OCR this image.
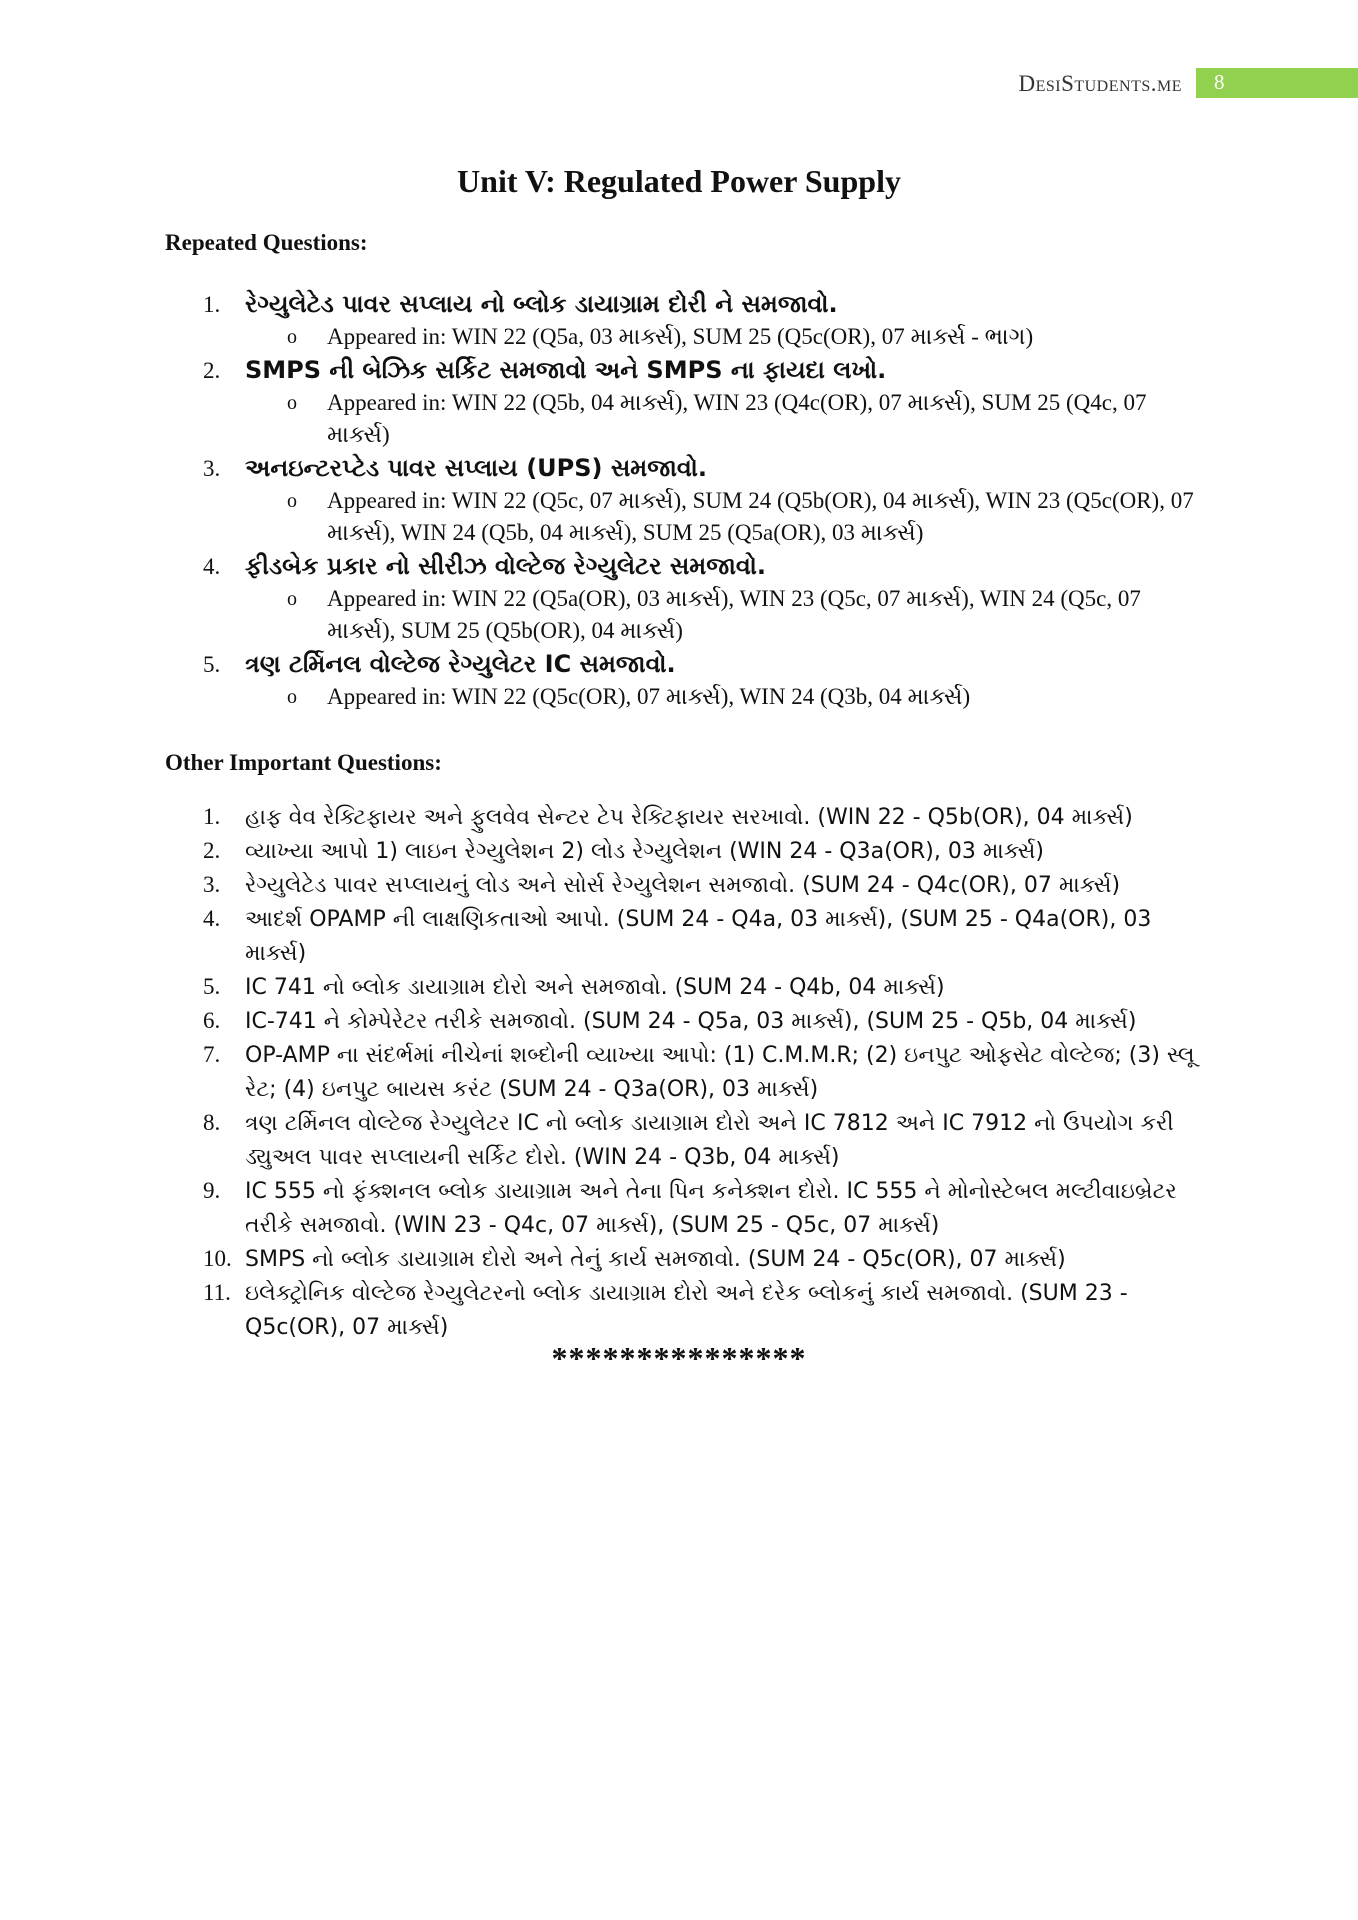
DesiStudents.me	8
Unit V: Regulated Power Supply
Repeated Questions:
1. રેગ્યુલેટેડ પાવર સપ્લાય નો બ્લોક ડાયાગ્રામ દોરી ને સમજાવો.
o Appeared in: WIN 22 (Q5a, 03 માર્ક્સ), SUM 25 (Q5c(OR), 07 માર્ક્સ - ભાગ)
2. SMPS ની બેઝિક સર્કિટ સમજાવો અને SMPS ના ફાયદા લખો.
o Appeared in: WIN 22 (Q5b, 04 માર્ક્સ), WIN 23 (Q4c(OR), 07 માર્ક્સ), SUM 25 (Q4c, 07 માર્ક્સ)
3. અનઇન્ટરપ્ટેડ પાવર સપ્લાય (UPS) સમજાવો.
o Appeared in: WIN 22 (Q5c, 07 માર્ક્સ), SUM 24 (Q5b(OR), 04 માર્ક્સ), WIN 23 (Q5c(OR), 07 માર્ક્સ), WIN 24 (Q5b, 04 માર્ક્સ), SUM 25 (Q5a(OR), 03 માર્ક્સ)
4. ફીડબેક પ્રકાર નો સીરીઝ વોલ્ટેજ રેગ્યુલેટર સમજાવો.
o Appeared in: WIN 22 (Q5a(OR), 03 માર્ક્સ), WIN 23 (Q5c, 07 માર્ક્સ), WIN 24 (Q5c, 07 માર્ક્સ), SUM 25 (Q5b(OR), 04 માર્ક્સ)
5. ત્રણ ટર્મિનલ વોલ્ટેજ રેગ્યુલેટર IC સમજાવો.
o Appeared in: WIN 22 (Q5c(OR), 07 માર્ક્સ), WIN 24 (Q3b, 04 માર્ક્સ)
Other Important Questions:
1. હાફ વેવ રેક્ટિફાયર અને ફુલવેવ સેન્ટર ટેપ રેક્ટિફાયર સરખાવો. (WIN 22 - Q5b(OR), 04 માર્ક્સ)
2. વ્યાખ્યા આપો 1) લાઇન રેગ્યુલેશન 2) લોડ રેગ્યુલેશન (WIN 24 - Q3a(OR), 03 માર્ક્સ)
3. રેગ્યુલેટેડ પાવર સપ્લાયનું લોડ અને સોર્સ રેગ્યુલેશન સમજાવો. (SUM 24 - Q4c(OR), 07 માર્ક્સ)
4. આદર્શ OPAMP ની લાક્ષણિકતાઓ આપો. (SUM 24 - Q4a, 03 માર્ક્સ), (SUM 25 - Q4a(OR), 03 માર્ક્સ)
5. IC 741 નો બ્લોક ડાયાગ્રામ દોરો અને સમજાવો. (SUM 24 - Q4b, 04 માર્ક્સ)
6. IC-741 ને કોમ્પેરેટર તરીકે સમજાવો. (SUM 24 - Q5a, 03 માર્ક્સ), (SUM 25 - Q5b, 04 માર્ક્સ)
7. OP-AMP ના સંદર્ભમાં નીચેનાં શબ્દોની વ્યાખ્યા આપો: (1) C.M.M.R; (2) ઇનપુટ ઓફસેટ વોલ્ટેજ; (3) સ્લૂ રેટ; (4) ઇનપુટ બાયસ કરંટ (SUM 24 - Q3a(OR), 03 માર્ક્સ)
8. ત્રણ ટર્મિનલ વોલ્ટેજ રેગ્યુલેટર IC નો બ્લોક ડાયાગ્રામ દોરો અને IC 7812 અને IC 7912 નો ઉપયોગ કરી ડ્યુઅલ પાવર સપ્લાયની સર્કિટ દોરો. (WIN 24 - Q3b, 04 માર્ક્સ)
9. IC 555 નો ફંક્શનલ બ્લોક ડાયાગ્રામ અને તેના પિન કનેક્શન દોરો. IC 555 ને મોનોસ્ટેબલ મલ્ટીવાઇબ્રેટર તરીકે સમજાવો. (WIN 23 - Q4c, 07 માર્ક્સ), (SUM 25 - Q5c, 07 માર્ક્સ)
10. SMPS નો બ્લોક ડાયાગ્રામ દોરો અને તેનું કાર્ય સમજાવો. (SUM 24 - Q5c(OR), 07 માર્ક્સ)
11. ઇલેક્ટ્રોનિક વોલ્ટેજ રેગ્યુલેટરનો બ્લોક ડાયાગ્રામ દોરો અને દરેક બ્લોકનું કાર્ય સમજાવો. (SUM 23 - Q5c(OR), 07 માર્ક્સ)

***************
